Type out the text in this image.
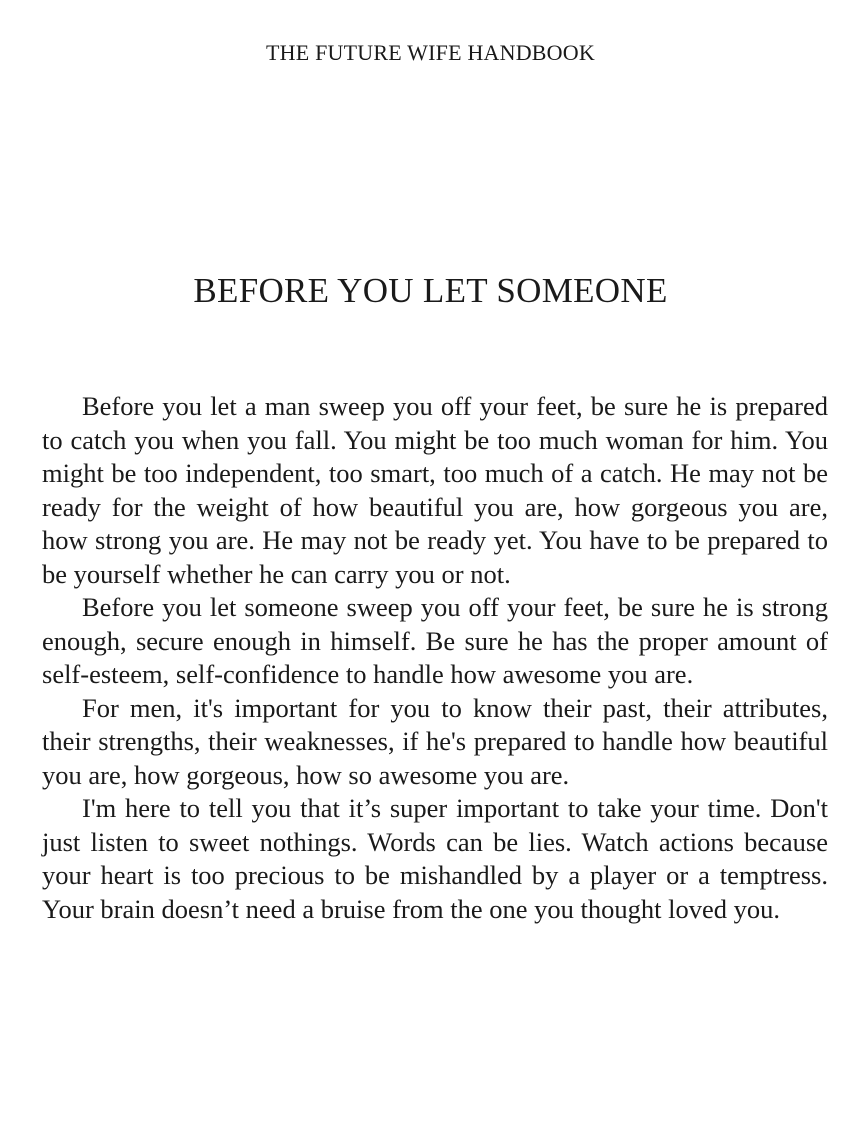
THE FUTURE WIFE HANDBOOK
BEFORE YOU LET SOMEONE

Before you let a man sweep you off your feet, be sure he is prepared to catch you when you fall. You might be too much woman for him. You might be too independent, too smart, too much of a catch. He may not be ready for the weight of how beautiful you are, how gorgeous you are, how strong you are. He may not be ready yet. You have to be prepared to be yourself whether he can carry you or not.

Before you let someone sweep you off your feet, be sure he is strong enough, secure enough in himself. Be sure he has the proper amount of self-esteem, self-confidence to handle how awesome you are.

For men, it's important for you to know their past, their attributes, their strengths, their weaknesses, if he's prepared to handle how beautiful you are, how gorgeous, how so awesome you are.

I'm here to tell you that it’s super important to take your time. Don't just listen to sweet nothings. Words can be lies. Watch actions because your heart is too precious to be mishandled by a player or a temptress. Your brain doesn’t need a bruise from the one you thought loved you.
